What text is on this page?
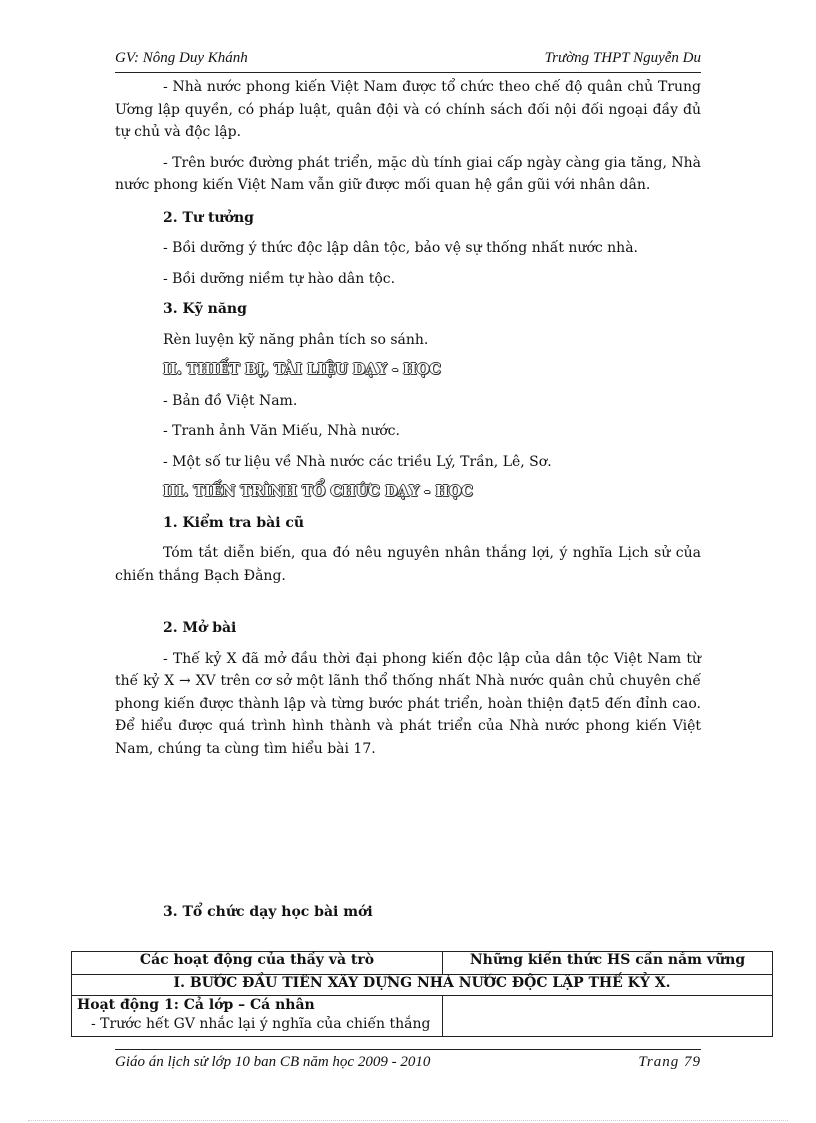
GV: Nông Duy Khánh	Trường THPT Nguyễn Du

- Nhà nước phong kiến Việt Nam được tổ chức theo chế độ quân chủ Trung Ương lập quyền, có pháp luật, quân đội và có chính sách đối nội đối ngoại đầy đủ tự chủ và độc lập.

- Trên bước đường phát triển, mặc dù tính giai cấp ngày càng gia tăng, Nhà nước phong kiến Việt Nam vẫn giữ được mối quan hệ gần gũi với nhân dân.

2. Tư tưởng

- Bồi dưỡng ý thức độc lập dân tộc, bảo vệ sự thống nhất nước nhà.

- Bồi dưỡng niềm tự hào dân tộc.

3. Kỹ năng

Rèn luyện kỹ năng phân tích so sánh.

II. THIẾT BỊ, TÀI LIỆU DẠY - HỌC

- Bản đồ Việt Nam.

- Tranh ảnh Văn Miếu, Nhà nước.

- Một số tư liệu về Nhà nước các triều Lý, Trần, Lê, Sơ.

III. TIẾN TRÌNH TỔ CHỨC DẠY - HỌC

1. Kiểm tra bài cũ

Tóm tắt diễn biến, qua đó nêu nguyên nhân thắng lợi, ý nghĩa Lịch sử của chiến thắng Bạch Đằng.

2. Mở bài

- Thế kỷ X đã mở đầu thời đại phong kiến độc lập của dân tộc Việt Nam từ thế kỷ X → XV trên cơ sở một lãnh thổ thống nhất Nhà nước quân chủ chuyên chế phong kiến được thành lập và từng bước phát triển, hoàn thiện đạt5 đến đỉnh cao. Để hiểu được quá trình hình thành và phát triển của Nhà nước phong kiến Việt Nam, chúng ta cùng tìm hiểu bài 17.

3. Tổ chức dạy học bài mới
Các hoạt động của thầy và trò	Những kiến thức HS cần nắm vững
I. BƯỚC ĐẦU TIÊN XÂY DỰNG NHÀ NƯỚC ĐỘC LẬP THẾ KỶ X.	

Hoạt động 1: Cả lớp – Cá nhân
- Trước hết GV nhắc lại ý nghĩa của chiến thắng	

Giáo án lịch sử lớp 10 ban CB năm học 2009 - 2010	Trang 79
